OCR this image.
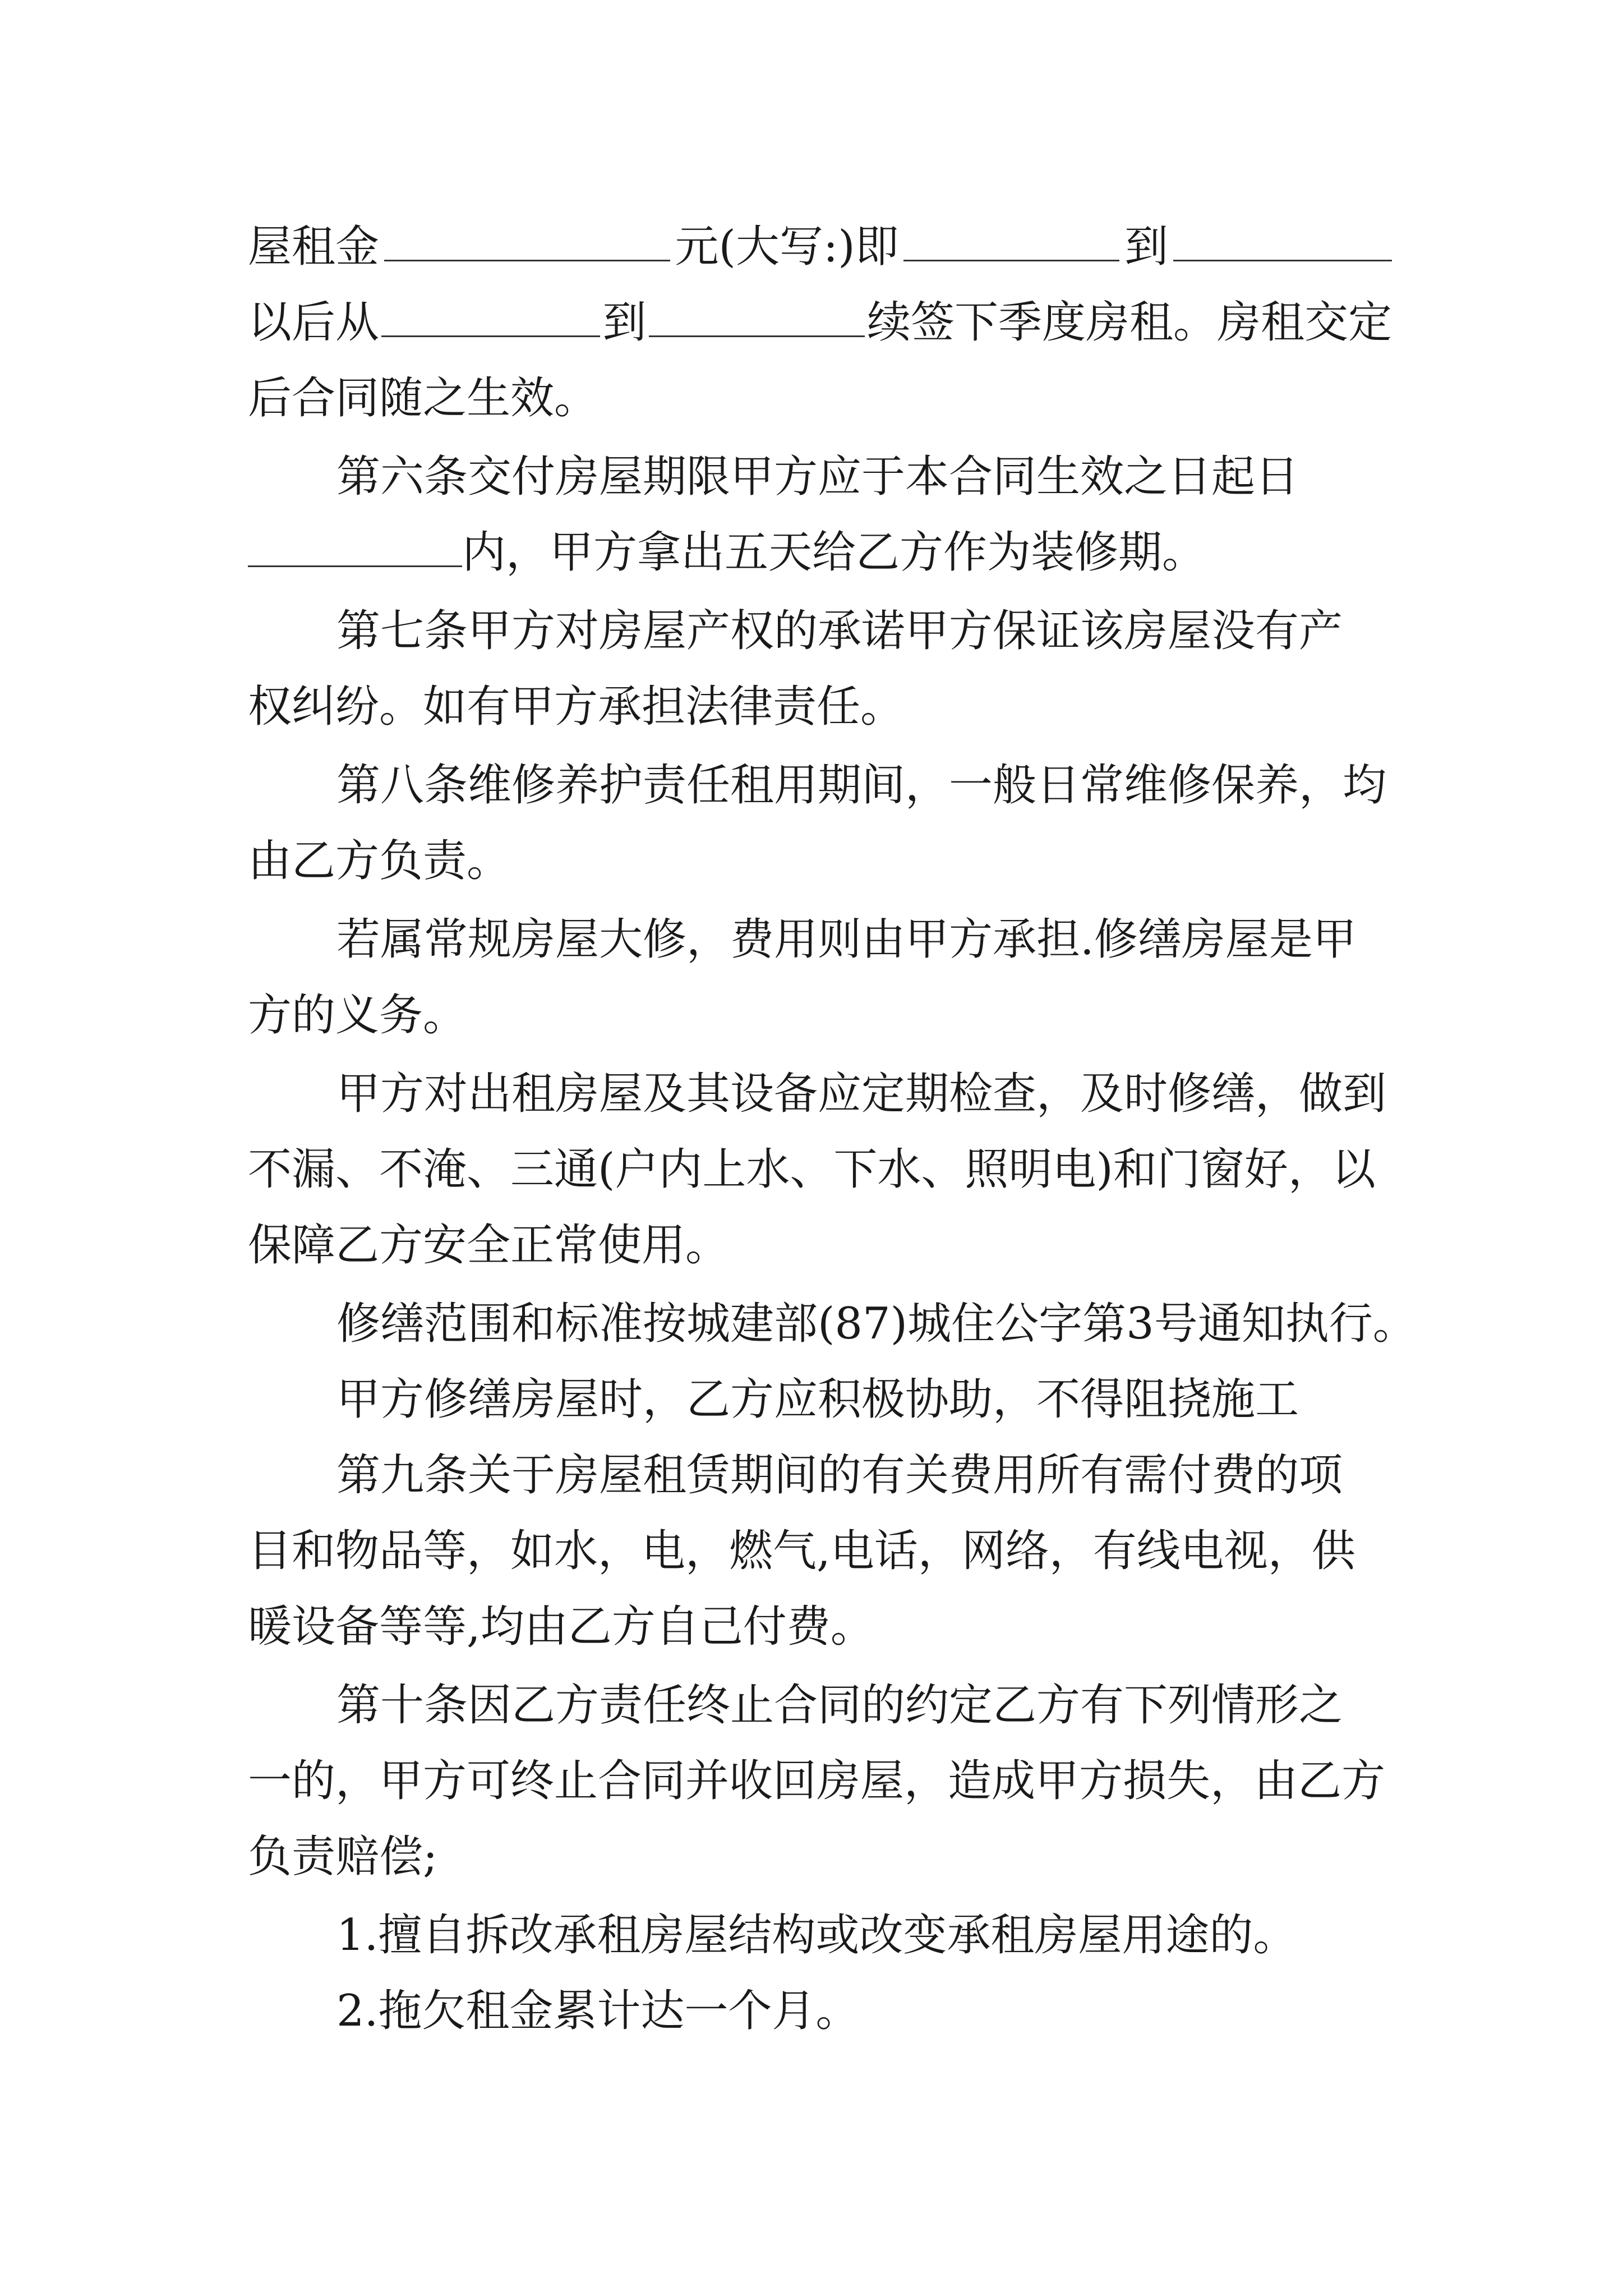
屋租金	元(大写:)即	到
以后从	到	续签下季度房租。房租交定
后合同随之生效。
第六条交付房屋期限甲方应于本合同生效之日起日
内，甲方拿出五天给乙方作为装修期。
第七条甲方对房屋产权的承诺甲方保证该房屋没有产
权纠纷。如有甲方承担法律责任。
第八条维修养护责任租用期间，一般日常维修保养，均
由乙方负责。
若属常规房屋大修，费用则由甲方承担.修缮房屋是甲
方的义务。
甲方对出租房屋及其设备应定期检查，及时修缮，做到
不漏、不淹、三通(户内上水、下水、照明电)和门窗好，以
保障乙方安全正常使用。
修缮范围和标准按城建部(87)城住公字第3号通知执行。
甲方修缮房屋时，乙方应积极协助，不得阻挠施工
第九条关于房屋租赁期间的有关费用所有需付费的项
目和物品等，如水，电，燃气,电话，网络，有线电视，供
暖设备等等,均由乙方自己付费。
第十条因乙方责任终止合同的约定乙方有下列情形之
一的，甲方可终止合同并收回房屋，造成甲方损失，由乙方
负责赔偿;
1.擅自拆改承租房屋结构或改变承租房屋用途的。
2.拖欠租金累计达一个月。
